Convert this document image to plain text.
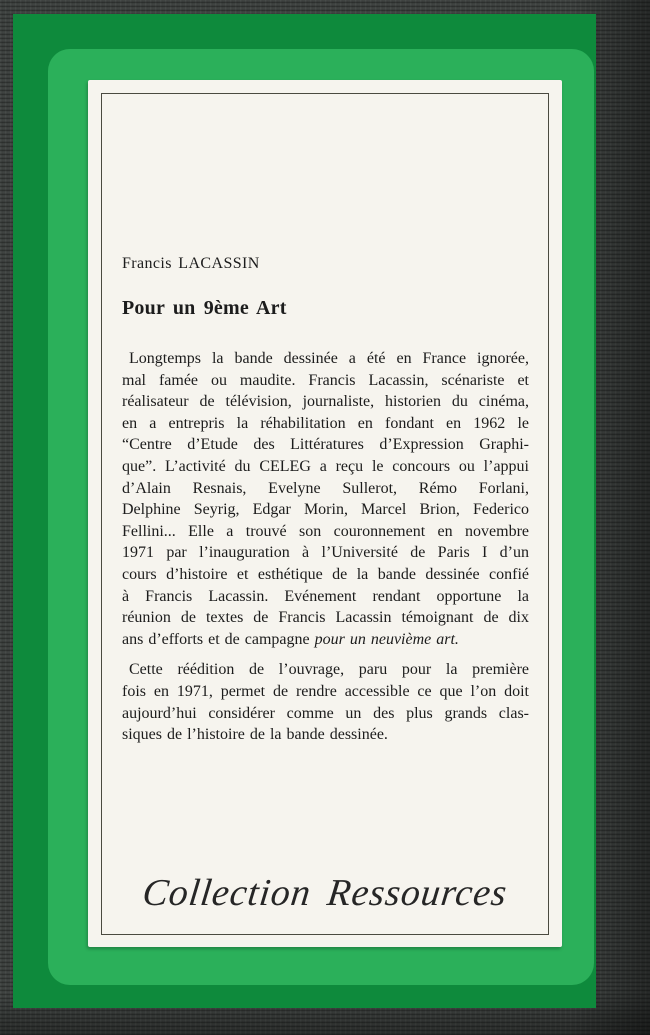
Francis LACASSIN
Pour un 9ème Art
Longtemps la bande dessinée a été en France ignorée,
mal famée ou maudite. Francis Lacassin, scénariste et
réalisateur de télévision, journaliste, historien du cinéma,
en a entrepris la réhabilitation en fondant en 1962 le
“Centre d’Etude des Littératures d’Expression Graphi-
que”. L’activité du CELEG a reçu le concours ou l’appui
d’Alain Resnais, Evelyne Sullerot, Rémo Forlani,
Delphine Seyrig, Edgar Morin, Marcel Brion, Federico
Fellini... Elle a trouvé son couronnement en novembre
1971 par l’inauguration à l’Université de Paris I d’un
cours d’histoire et esthétique de la bande dessinée confié
à Francis Lacassin. Evénement rendant opportune la
réunion de textes de Francis Lacassin témoignant de dix
ans d’efforts et de campagne pour un neuvième art.
Cette réédition de l’ouvrage, paru pour la première
fois en 1971, permet de rendre accessible ce que l’on doit
aujourd’hui considérer comme un des plus grands clas-
siques de l’histoire de la bande dessinée.
Collection Ressources
